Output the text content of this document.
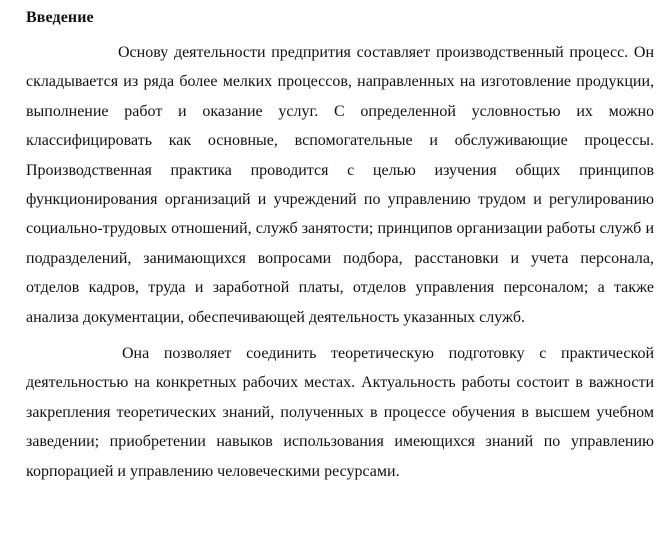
Введение

Основу деятельности предпрития составляет производственный процесс. Он складывается из ряда более мелких процессов, направленных на изготовление продукции, выполнение работ и оказание услуг. С определенной условностью их можно классифицировать как основные, вспомогательные и обслуживающие процессы. Производственная практика проводится с целью изучения общих принципов функционирования организаций и учреждений по управлению трудом и регулированию социально-трудовых отношений, служб занятости; принципов организации работы служб и подразделений, занимающихся вопросами подбора, расстановки и учета персонала, отделов кадров, труда и заработной платы, отделов управления персоналом; а также анализа документации, обеспечивающей деятельность указанных служб.

Она позволяет соединить теоретическую подготовку с практической деятельностью на конкретных рабочих местах. Актуальность работы состоит в важности закрепления теоретических знаний, полученных в процессе обучения в высшем учебном заведении; приобретении навыков использования имеющихся знаний по управлению корпорацией и управлению человеческими ресурсами.
